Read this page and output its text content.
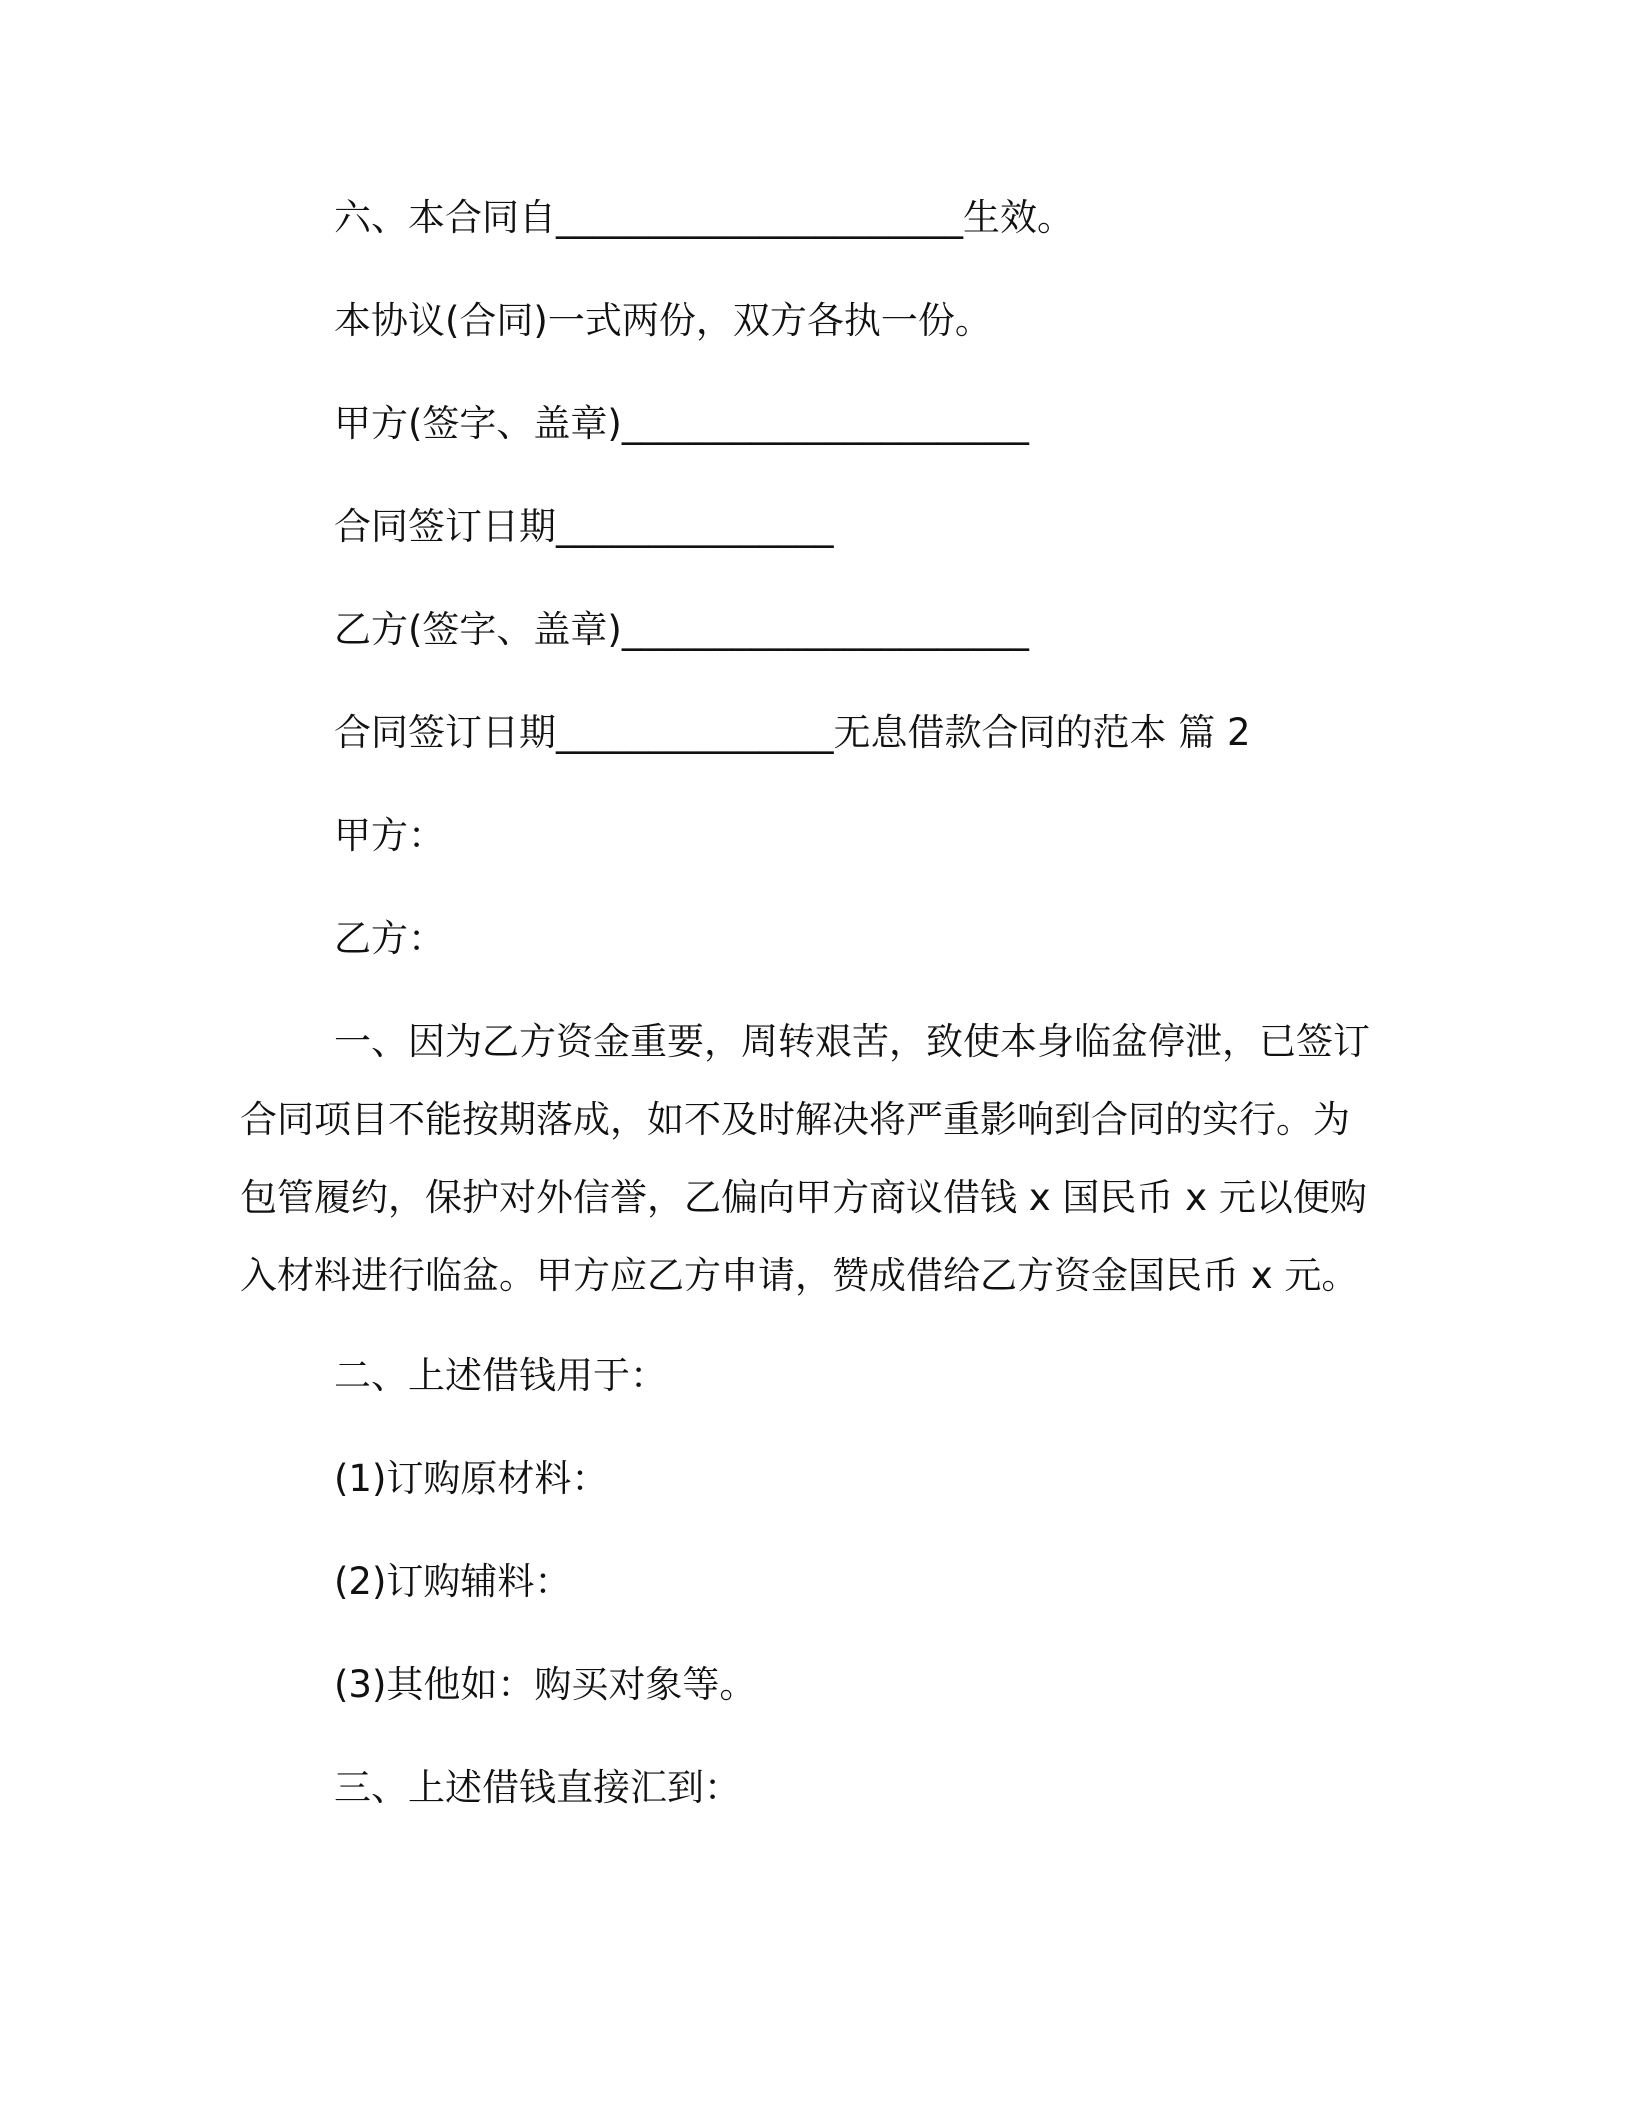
六、本合同自______________________生效。
本协议(合同)一式两份，双方各执一份。
甲方(签字、盖章)______________________
合同签订日期_______________
乙方(签字、盖章)______________________
合同签订日期_______________无息借款合同的范本 篇 2
甲方：
乙方：
一、因为乙方资金重要，周转艰苦，致使本身临盆停泄，已签订
合同项目不能按期落成，如不及时解决将严重影响到合同的实行。为
包管履约，保护对外信誉，乙偏向甲方商议借钱 x 国民币 x 元以便购
入材料进行临盆。甲方应乙方申请，赞成借给乙方资金国民币 x 元。
二、上述借钱用于：
(1)订购原材料：
(2)订购辅料：
(3)其他如：购买对象等。
三、上述借钱直接汇到：
